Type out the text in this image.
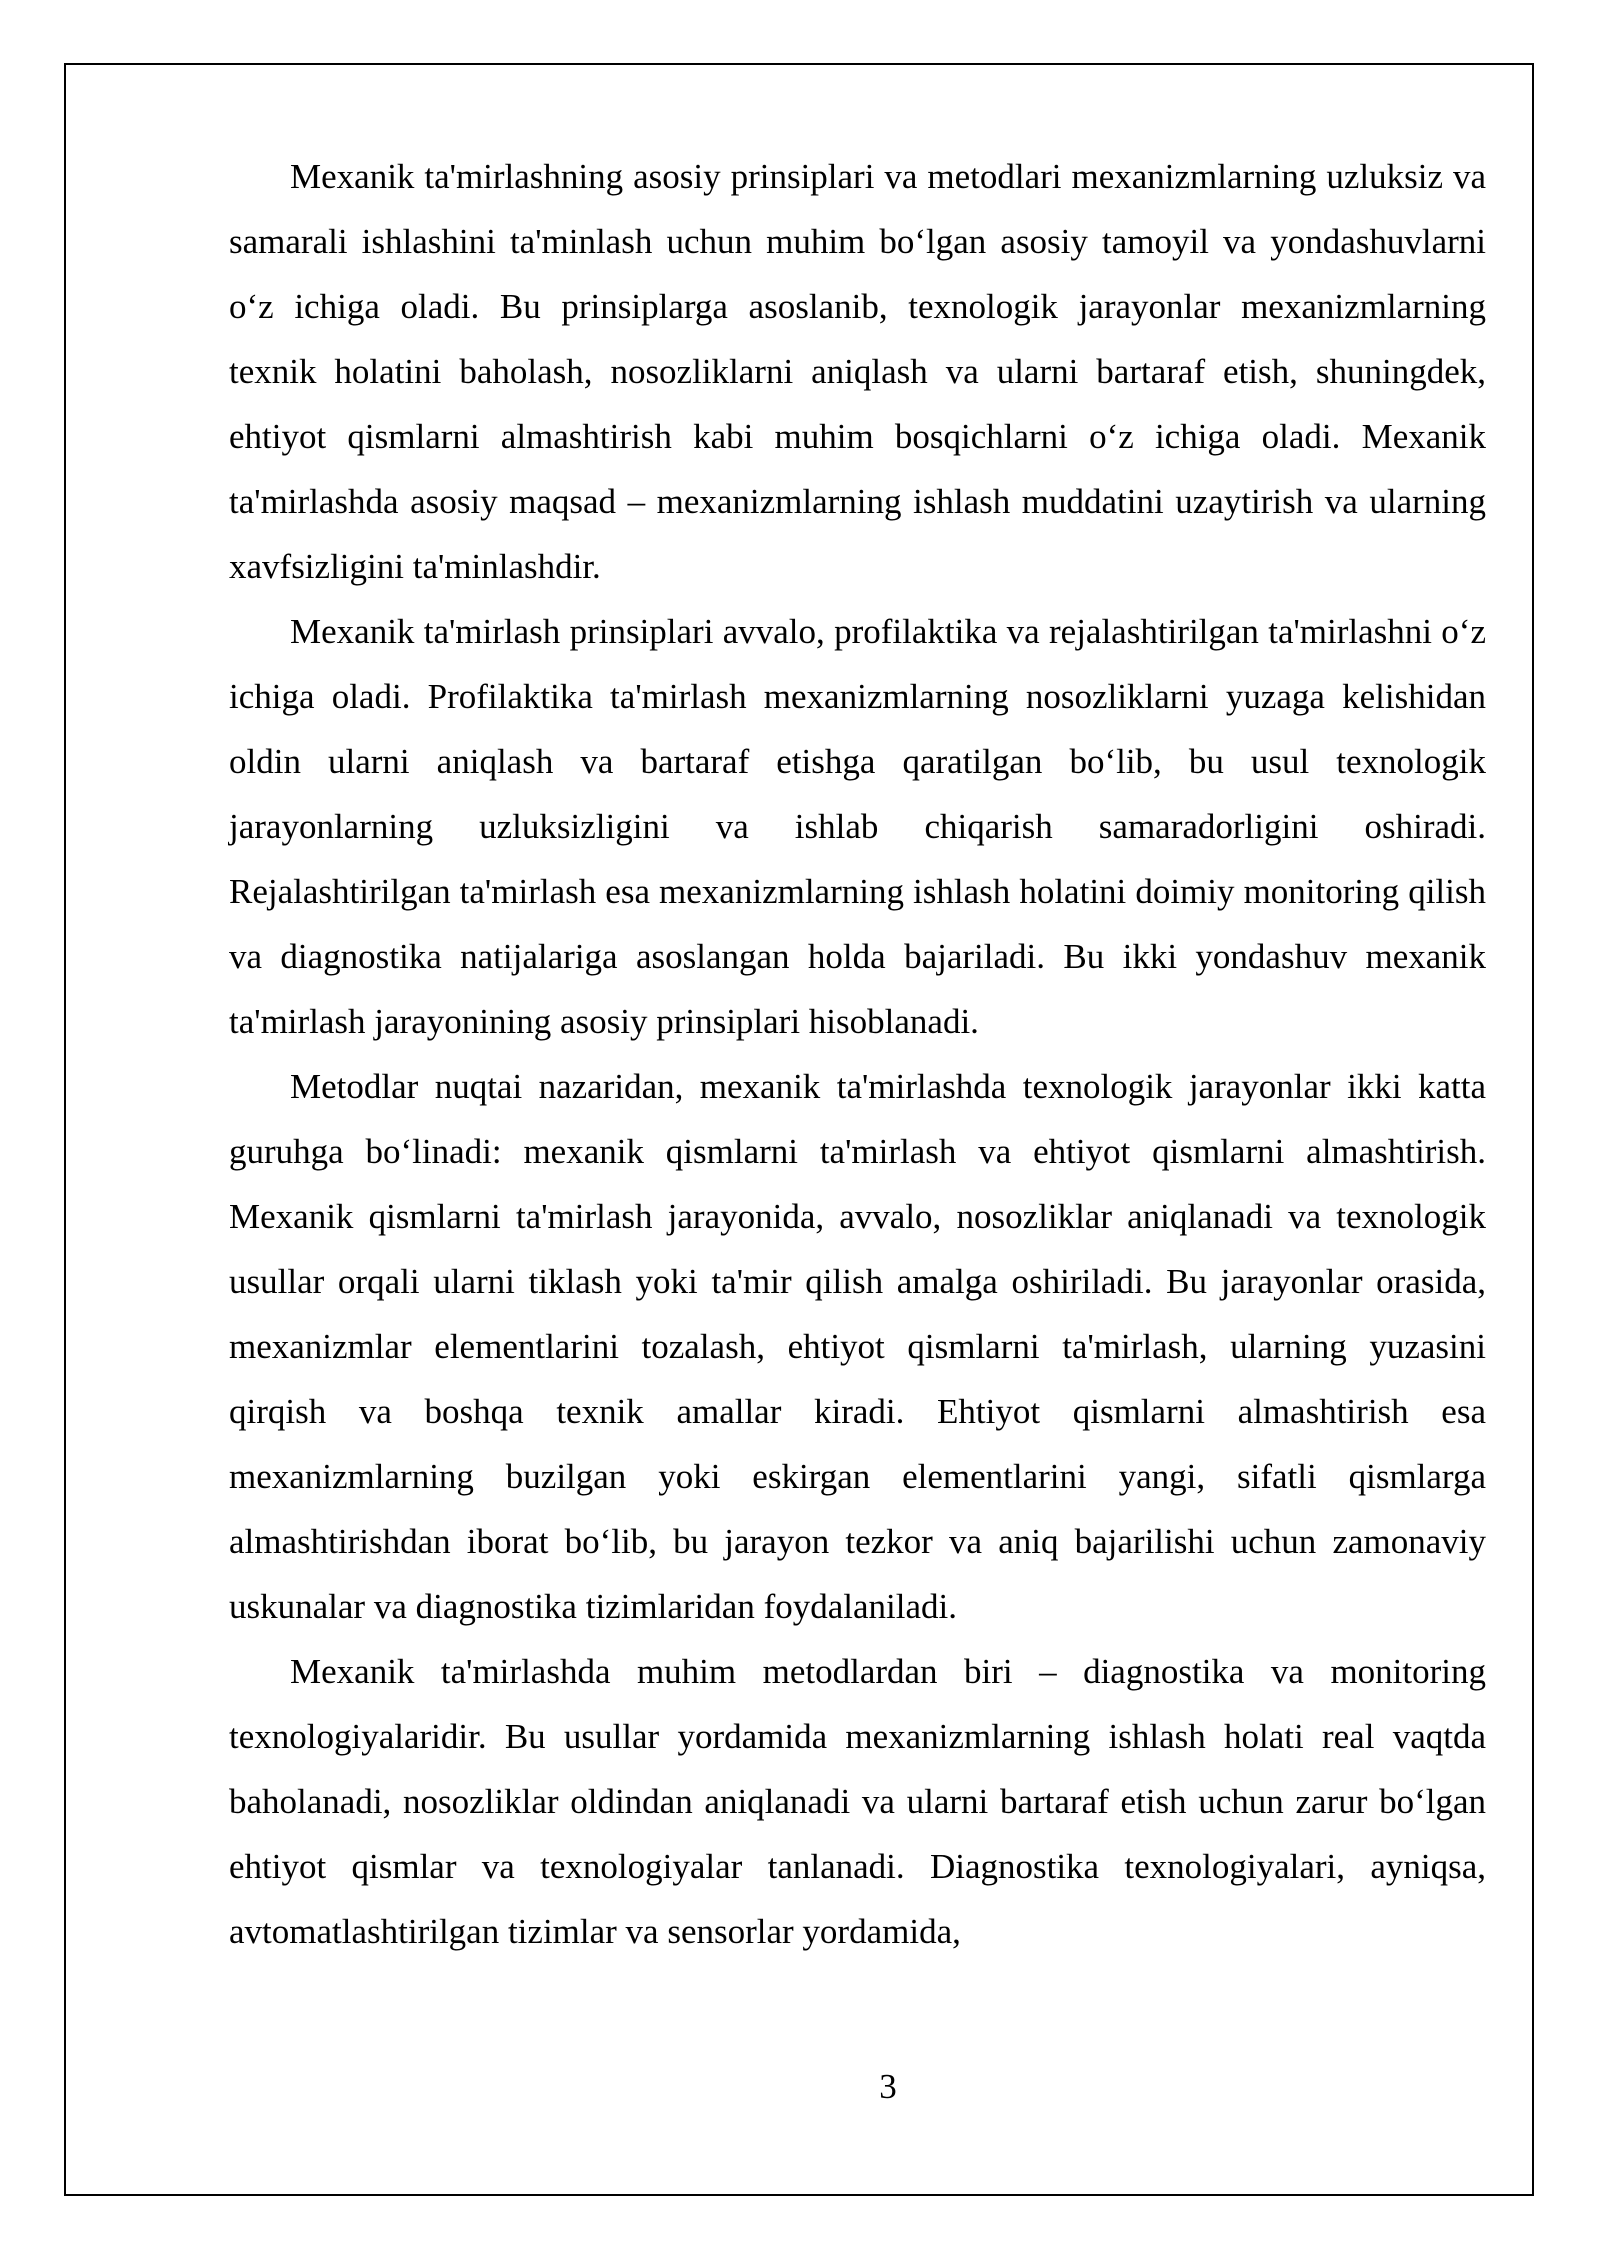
Mexanik ta'mirlashning asosiy prinsiplari va metodlari mexanizmlarning uzluksiz va samarali ishlashini ta'minlash uchun muhim bo‘lgan asosiy tamoyil va yondashuvlarni o‘z ichiga oladi. Bu prinsiplarga asoslanib, texnologik jarayonlar mexanizmlarning texnik holatini baholash, nosozliklarni aniqlash va ularni bartaraf etish, shuningdek, ehtiyot qismlarni almashtirish kabi muhim bosqichlarni o‘z ichiga oladi. Mexanik ta'mirlashda asosiy maqsad – mexanizmlarning ishlash muddatini uzaytirish va ularning xavfsizligini ta'minlashdir.

Mexanik ta'mirlash prinsiplari avvalo, profilaktika va rejalashtirilgan ta'mirlashni o‘z ichiga oladi. Profilaktika ta'mirlash mexanizmlarning nosozliklarni yuzaga kelishidan oldin ularni aniqlash va bartaraf etishga qaratilgan bo‘lib, bu usul texnologik jarayonlarning uzluksizligini va ishlab chiqarish samaradorligini oshiradi. Rejalashtirilgan ta'mirlash esa mexanizmlarning ishlash holatini doimiy monitoring qilish va diagnostika natijalariga asoslangan holda bajariladi. Bu ikki yondashuv mexanik ta'mirlash jarayonining asosiy prinsiplari hisoblanadi.

Metodlar nuqtai nazaridan, mexanik ta'mirlashda texnologik jarayonlar ikki katta guruhga bo‘linadi: mexanik qismlarni ta'mirlash va ehtiyot qismlarni almashtirish. Mexanik qismlarni ta'mirlash jarayonida, avvalo, nosozliklar aniqlanadi va texnologik usullar orqali ularni tiklash yoki ta'mir qilish amalga oshiriladi. Bu jarayonlar orasida, mexanizmlar elementlarini tozalash, ehtiyot qismlarni ta'mirlash, ularning yuzasini qirqish va boshqa texnik amallar kiradi. Ehtiyot qismlarni almashtirish esa mexanizmlarning buzilgan yoki eskirgan elementlarini yangi, sifatli qismlarga almashtirishdan iborat bo‘lib, bu jarayon tezkor va aniq bajarilishi uchun zamonaviy uskunalar va diagnostika tizimlaridan foydalaniladi.

Mexanik ta'mirlashda muhim metodlardan biri – diagnostika va monitoring texnologiyalaridir. Bu usullar yordamida mexanizmlarning ishlash holati real vaqtda baholanadi, nosozliklar oldindan aniqlanadi va ularni bartaraf etish uchun zarur bo‘lgan ehtiyot qismlar va texnologiyalar tanlanadi. Diagnostika texnologiyalari, ayniqsa, avtomatlashtirilgan tizimlar va sensorlar yordamida,

3
